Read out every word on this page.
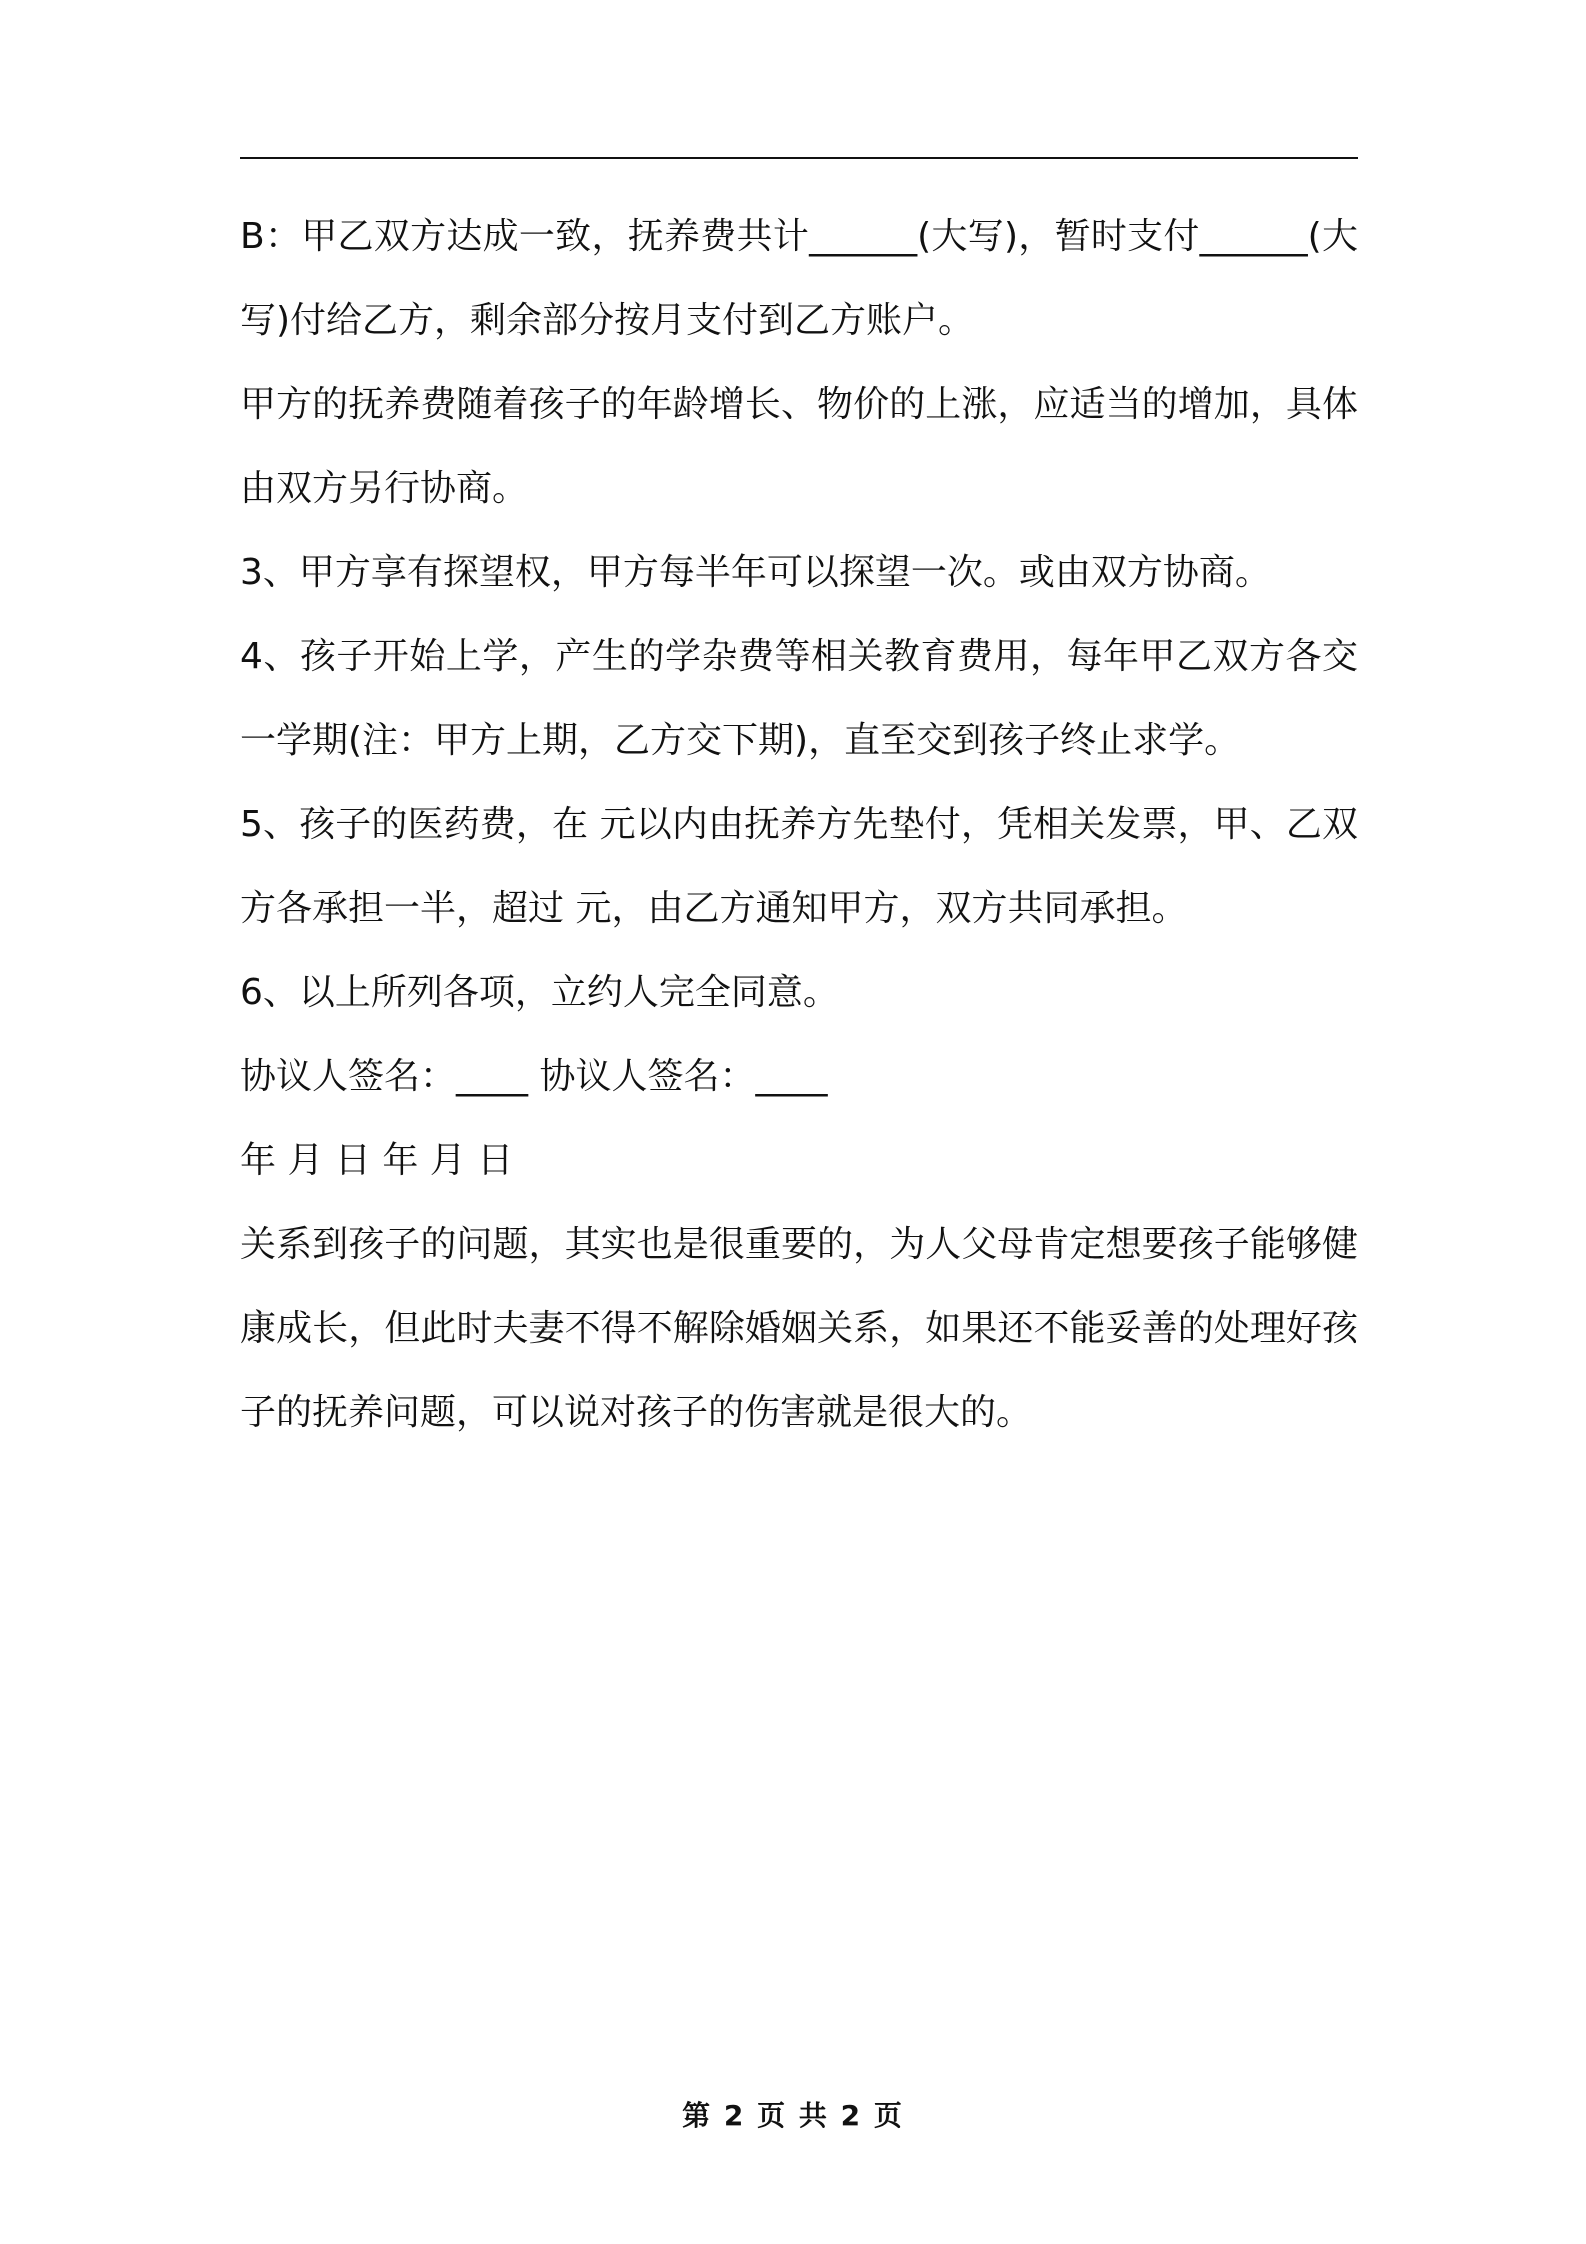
B：甲乙双方达成一致，抚养费共计______(大写)，暂时支付______(大写)付给乙方，剩余部分按月支付到乙方账户。

甲方的抚养费随着孩子的年龄增长、物价的上涨，应适当的增加，具体由双方另行协商。

3、甲方享有探望权，甲方每半年可以探望一次。或由双方协商。

4、孩子开始上学，产生的学杂费等相关教育费用，每年甲乙双方各交一学期(注：甲方上期，乙方交下期)，直至交到孩子终止求学。

5、孩子的医药费，在 元以内由抚养方先垫付，凭相关发票，甲、乙双方各承担一半，超过 元，由乙方通知甲方，双方共同承担。

6、以上所列各项，立约人完全同意。

协议人签名：____ 协议人签名：____

年 月 日 年 月 日

关系到孩子的问题，其实也是很重要的，为人父母肯定想要孩子能够健康成长，但此时夫妻不得不解除婚姻关系，如果还不能妥善的处理好孩子的抚养问题，可以说对孩子的伤害就是很大的。

第 2 页 共 2 页
